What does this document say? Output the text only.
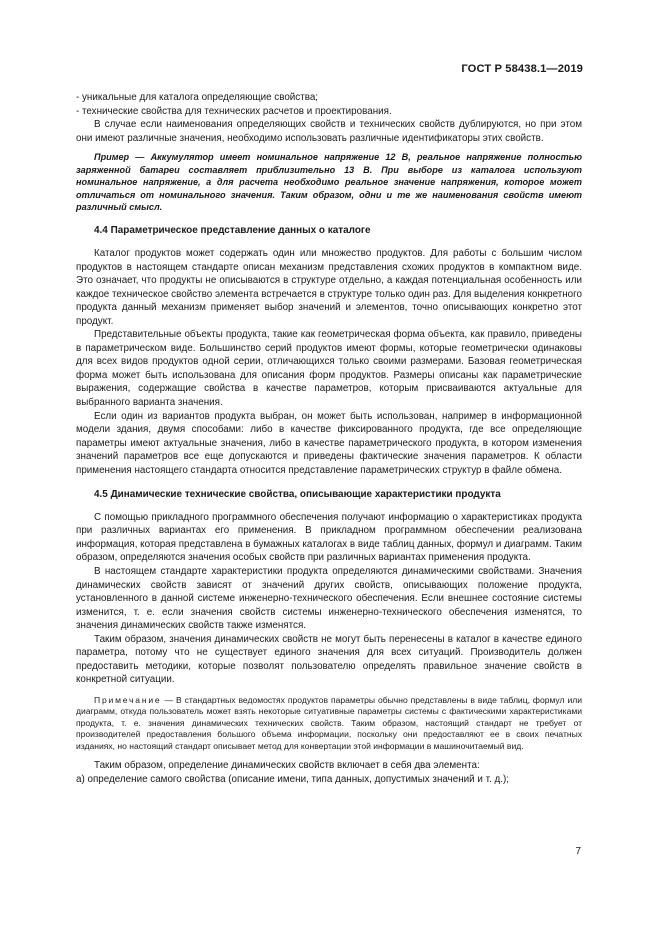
ГОСТ Р 58438.1—2019

- уникальные для каталога определяющие свойства;

- технические свойства для технических расчетов и проектирования.

В случае если наименования определяющих свойств и технических свойств дублируются, но при этом они имеют различные значения, необходимо использовать различные идентификаторы этих свойств.

Пример — Аккумулятор имеет номинальное напряжение 12 В, реальное напряжение полностью заряженной батареи составляет приблизительно 13 В. При выборе из каталога используют номинальное напряжение, а для расчета необходимо реальное значение напряжения, которое может отличаться от номинального значения. Таким образом, одни и те же наименования свойств имеют различный смысл.

4.4 Параметрическое представление данных о каталоге

Каталог продуктов может содержать один или множество продуктов. Для работы с большим числом продуктов в настоящем стандарте описан механизм представления схожих продуктов в компактном виде. Это означает, что продукты не описываются в структуре отдельно, а каждая потенциальная особенность или каждое техническое свойство элемента встречается в структуре только один раз. Для выделения конкретного продукта данный механизм применяет выбор значений и элементов, точно описывающих конкретно этот продукт.

Представительные объекты продукта, такие как геометрическая форма объекта, как правило, приведены в параметрическом виде. Большинство серий продуктов имеют формы, которые геометрически одинаковы для всех видов продуктов одной серии, отличающихся только своими размерами. Базовая геометрическая форма может быть использована для описания форм продуктов. Размеры описаны как параметрические выражения, содержащие свойства в качестве параметров, которым присваиваются актуальные для выбранного варианта значения.

Если один из вариантов продукта выбран, он может быть использован, например в информационной модели здания, двумя способами: либо в качестве фиксированного продукта, где все определяющие параметры имеют актуальные значения, либо в качестве параметрического продукта, в котором изменения значений параметров все еще допускаются и приведены фактические значения параметров. К области применения настоящего стандарта относится представление параметрических структур в файле обмена.

4.5 Динамические технические свойства, описывающие характеристики продукта

С помощью прикладного программного обеспечения получают информацию о характеристиках продукта при различных вариантах его применения. В прикладном программном обеспечении реализована информация, которая представлена в бумажных каталогах в виде таблиц данных, формул и диаграмм. Таким образом, определяются значения особых свойств при различных вариантах применения продукта.

В настоящем стандарте характеристики продукта определяются динамическими свойствами. Значения динамических свойств зависят от значений других свойств, описывающих положение продукта, установленного в данной системе инженерно-технического обеспечения. Если внешнее состояние системы изменится, т. е. если значения свойств системы инженерно-технического обеспечения изменятся, то значения динамических свойств также изменятся.

Таким образом, значения динамических свойств не могут быть перенесены в каталог в качестве единого параметра, потому что не существует единого значения для всех ситуаций. Производитель должен предоставить методики, которые позволят пользователю определять правильное значение свойств в конкретной ситуации.

Примечание — В стандартных ведомостях продуктов параметры обычно представлены в виде таблиц, формул или диаграмм, откуда пользователь может взять некоторые ситуативные параметры системы с фактическими характеристиками продукта, т. е. значения динамических технических свойств. Таким образом, настоящий стандарт не требует от производителей предоставления большого объема информации, поскольку они предоставляют ее в своих печатных изданиях, но настоящий стандарт описывает метод для конвертации этой информации в машиночитаемый вид.

Таким образом, определение динамических свойств включает в себя два элемента:

а) определение самого свойства (описание имени, типа данных, допустимых значений и т. д.);

7
